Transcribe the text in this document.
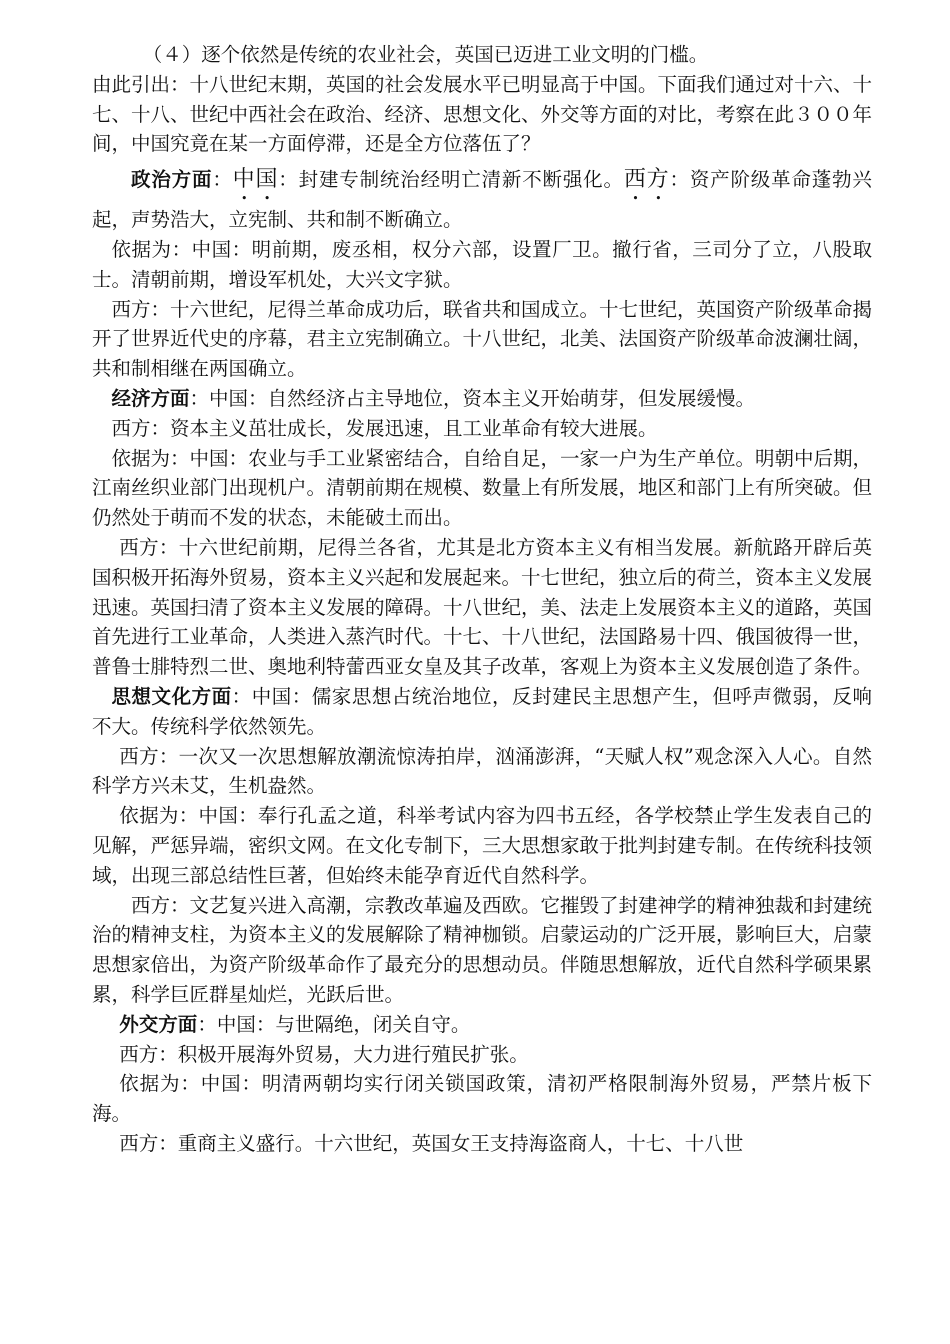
（４）逐个依然是传统的农业社会，英国已迈进工业文明的门槛。

由此引出：十八世纪末期，英国的社会发展水平已明显高于中国。下面我们通过对十六、十七、十八、世纪中西社会在政治、经济、思想文化、外交等方面的对比，考察在此３００年间，中国究竟在某一方面停滞，还是全方位落伍了？

政治方面：中国：封建专制统治经明亡清新不断强化。西方：资产阶级革命蓬勃兴起，声势浩大，立宪制、共和制不断确立。

依据为：中国：明前期，废丞相，权分六部，设置厂卫。撤行省，三司分了立，八股取士。清朝前期，增设军机处，大兴文字狱。

西方：十六世纪，尼得兰革命成功后，联省共和国成立。十七世纪，英国资产阶级革命揭开了世界近代史的序幕，君主立宪制确立。十八世纪，北美、法国资产阶级革命波澜壮阔，共和制相继在两国确立。

经济方面：中国：自然经济占主导地位，资本主义开始萌芽，但发展缓慢。

西方：资本主义茁壮成长，发展迅速，且工业革命有较大进展。

依据为：中国：农业与手工业紧密结合，自给自足，一家一户为生产单位。明朝中后期，江南丝织业部门出现机户。清朝前期在规模、数量上有所发展，地区和部门上有所突破。但仍然处于萌而不发的状态，未能破土而出。

西方：十六世纪前期，尼得兰各省，尤其是北方资本主义有相当发展。新航路开辟后英国积极开拓海外贸易，资本主义兴起和发展起来。十七世纪，独立后的荷兰，资本主义发展迅速。英国扫清了资本主义发展的障碍。十八世纪，美、法走上发展资本主义的道路，英国首先进行工业革命，人类进入蒸汽时代。十七、十八世纪，法国路易十四、俄国彼得一世，普鲁士腓特烈二世、奥地利特蕾西亚女皇及其子改革，客观上为资本主义发展创造了条件。

思想文化方面：中国：儒家思想占统治地位，反封建民主思想产生，但呼声微弱，反响不大。传统科学依然领先。

西方：一次又一次思想解放潮流惊涛拍岸，汹涌澎湃，“天赋人权”观念深入人心。自然科学方兴未艾，生机盎然。

依据为：中国：奉行孔孟之道，科举考试内容为四书五经，各学校禁止学生发表自己的见解，严惩异端，密织文网。在文化专制下，三大思想家敢于批判封建专制。在传统科技领域，出现三部总结性巨著，但始终未能孕育近代自然科学。

西方：文艺复兴进入高潮，宗教改革遍及西欧。它摧毁了封建神学的精神独裁和封建统治的精神支柱，为资本主义的发展解除了精神枷锁。启蒙运动的广泛开展，影响巨大，启蒙思想家倍出，为资产阶级革命作了最充分的思想动员。伴随思想解放，近代自然科学硕果累累，科学巨匠群星灿烂，光跃后世。

外交方面：中国：与世隔绝，闭关自守。

西方：积极开展海外贸易，大力进行殖民扩张。

依据为：中国：明清两朝均实行闭关锁国政策，清初严格限制海外贸易，严禁片板下海。

西方：重商主义盛行。十六世纪，英国女王支持海盗商人，十七、十八世
